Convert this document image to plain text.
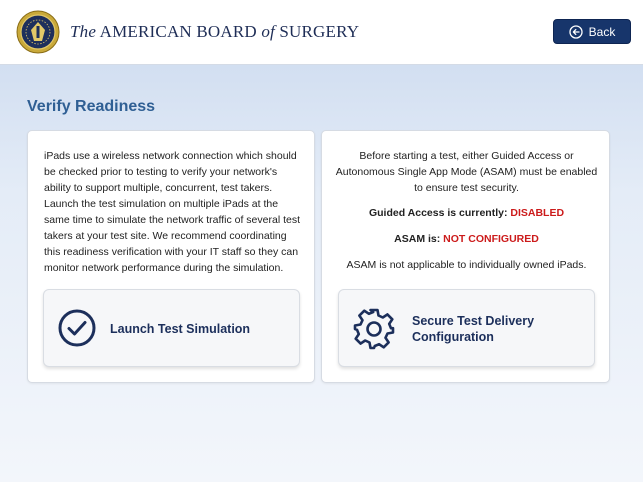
The AMERICAN BOARD of SURGERY	Back
Verify Readiness
iPads use a wireless network connection which should be checked prior to testing to verify your network's ability to support multiple, concurrent, test takers. Launch the test simulation on multiple iPads at the same time to simulate the network traffic of several test takers at your test site. We recommend coordinating this readiness verification with your IT staff so they can monitor network performance during the simulation.
Launch Test Simulation
Before starting a test, either Guided Access or Autonomous Single App Mode (ASAM) must be enabled to ensure test security.
Guided Access is currently: DISABLED
ASAM is: NOT CONFIGURED
ASAM is not applicable to individually owned iPads.
Secure Test Delivery
Configuration
